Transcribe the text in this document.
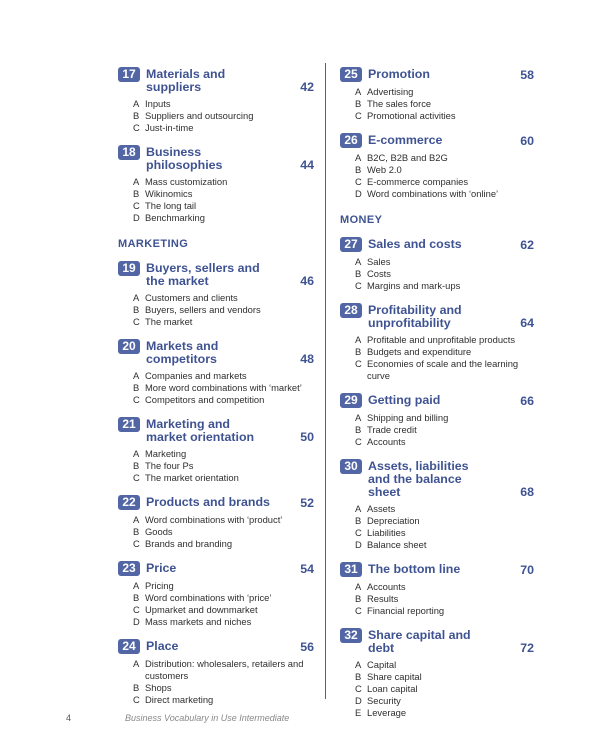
17 Materials and suppliers	42
A Inputs
B Suppliers and outsourcing
C Just-in-time
18 Business philosophies	44
A Mass customization
B Wikinomics
C The long tail
D Benchmarking
MARKETING
19 Buyers, sellers and the market	46
A Customers and clients
B Buyers, sellers and vendors
C The market
20 Markets and competitors	48
A Companies and markets
B More word combinations with ‘market’
C Competitors and competition
21 Marketing and market orientation	50
A Marketing
B The four Ps
C The market orientation
22 Products and brands	52
A Word combinations with ‘product’
B Goods
C Brands and branding
23 Price	54
A Pricing
B Word combinations with ‘price’
C Upmarket and downmarket
D Mass markets and niches
24 Place	56
A Distribution: wholesalers, retailers and customers
B Shops
C Direct marketing
25 Promotion	58
A Advertising
B The sales force
C Promotional activities
26 E-commerce	60
A B2C, B2B and B2G
B Web 2.0
C E-commerce companies
D Word combinations with ‘online’
MONEY
27 Sales and costs	62
A Sales
B Costs
C Margins and mark-ups
28 Profitability and unprofitability	64
A Profitable and unprofitable products
B Budgets and expenditure
C Economies of scale and the learning curve
29 Getting paid	66
A Shipping and billing
B Trade credit
C Accounts
30 Assets, liabilities and the balance sheet	68
A Assets
B Depreciation
C Liabilities
D Balance sheet
31 The bottom line	70
A Accounts
B Results
C Financial reporting
32 Share capital and debt	72
A Capital
B Share capital
C Loan capital
D Security
E Leverage
4	Business Vocabulary in Use Intermediate
